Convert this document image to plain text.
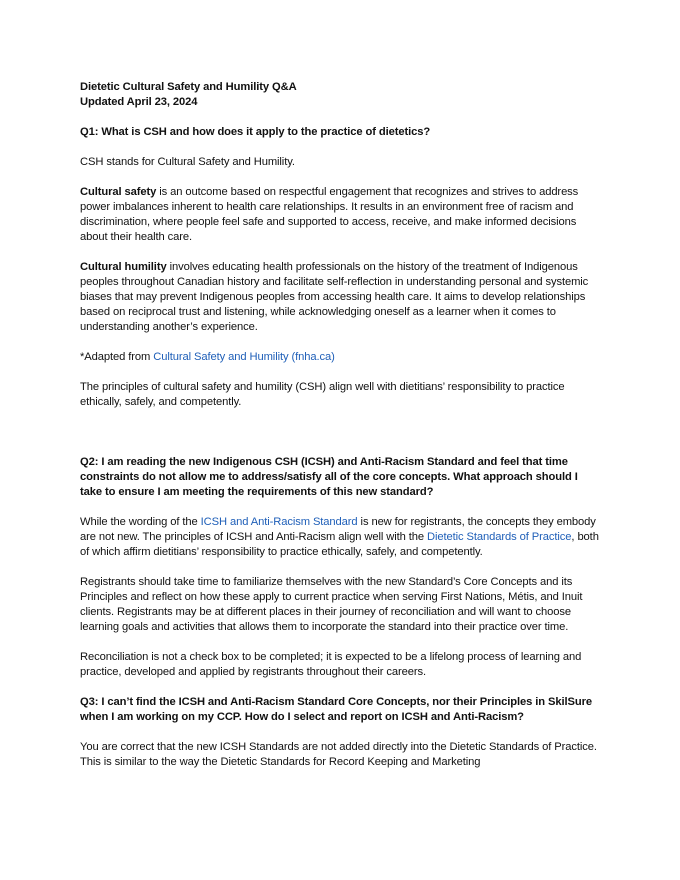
Dietetic Cultural Safety and Humility Q&A

Updated April 23, 2024

Q1: What is CSH and how does it apply to the practice of dietetics?

CSH stands for Cultural Safety and Humility.

Cultural safety is an outcome based on respectful engagement that recognizes and strives to address power imbalances inherent to health care relationships. It results in an environment free of racism and discrimination, where people feel safe and supported to access, receive, and make informed decisions about their health care.

Cultural humility involves educating health professionals on the history of the treatment of Indigenous peoples throughout Canadian history and facilitate self-reflection in understanding personal and systemic biases that may prevent Indigenous peoples from accessing health care. It aims to develop relationships based on reciprocal trust and listening, while acknowledging oneself as a learner when it comes to understanding another’s experience.

*Adapted from Cultural Safety and Humility (fnha.ca)

The principles of cultural safety and humility (CSH) align well with dietitians’ responsibility to practice ethically, safely, and competently.

Q2: I am reading the new Indigenous CSH (ICSH) and Anti-Racism Standard and feel that time constraints do not allow me to address/satisfy all of the core concepts. What approach should I take to ensure I am meeting the requirements of this new standard?

While the wording of the ICSH and Anti-Racism Standard is new for registrants, the concepts they embody are not new. The principles of ICSH and Anti-Racism align well with the Dietetic Standards of Practice, both of which affirm dietitians’ responsibility to practice ethically, safely, and competently.

Registrants should take time to familiarize themselves with the new Standard’s Core Concepts and its Principles and reflect on how these apply to current practice when serving First Nations, Métis, and Inuit clients. Registrants may be at different places in their journey of reconciliation and will want to choose learning goals and activities that allows them to incorporate the standard into their practice over time.

Reconciliation is not a check box to be completed; it is expected to be a lifelong process of learning and practice, developed and applied by registrants throughout their careers.

Q3: I can’t find the ICSH and Anti-Racism Standard Core Concepts, nor their Principles in SkilSure when I am working on my CCP. How do I select and report on ICSH and Anti-Racism?

You are correct that the new ICSH Standards are not added directly into the Dietetic Standards of Practice. This is similar to the way the Dietetic Standards for Record Keeping and Marketing
